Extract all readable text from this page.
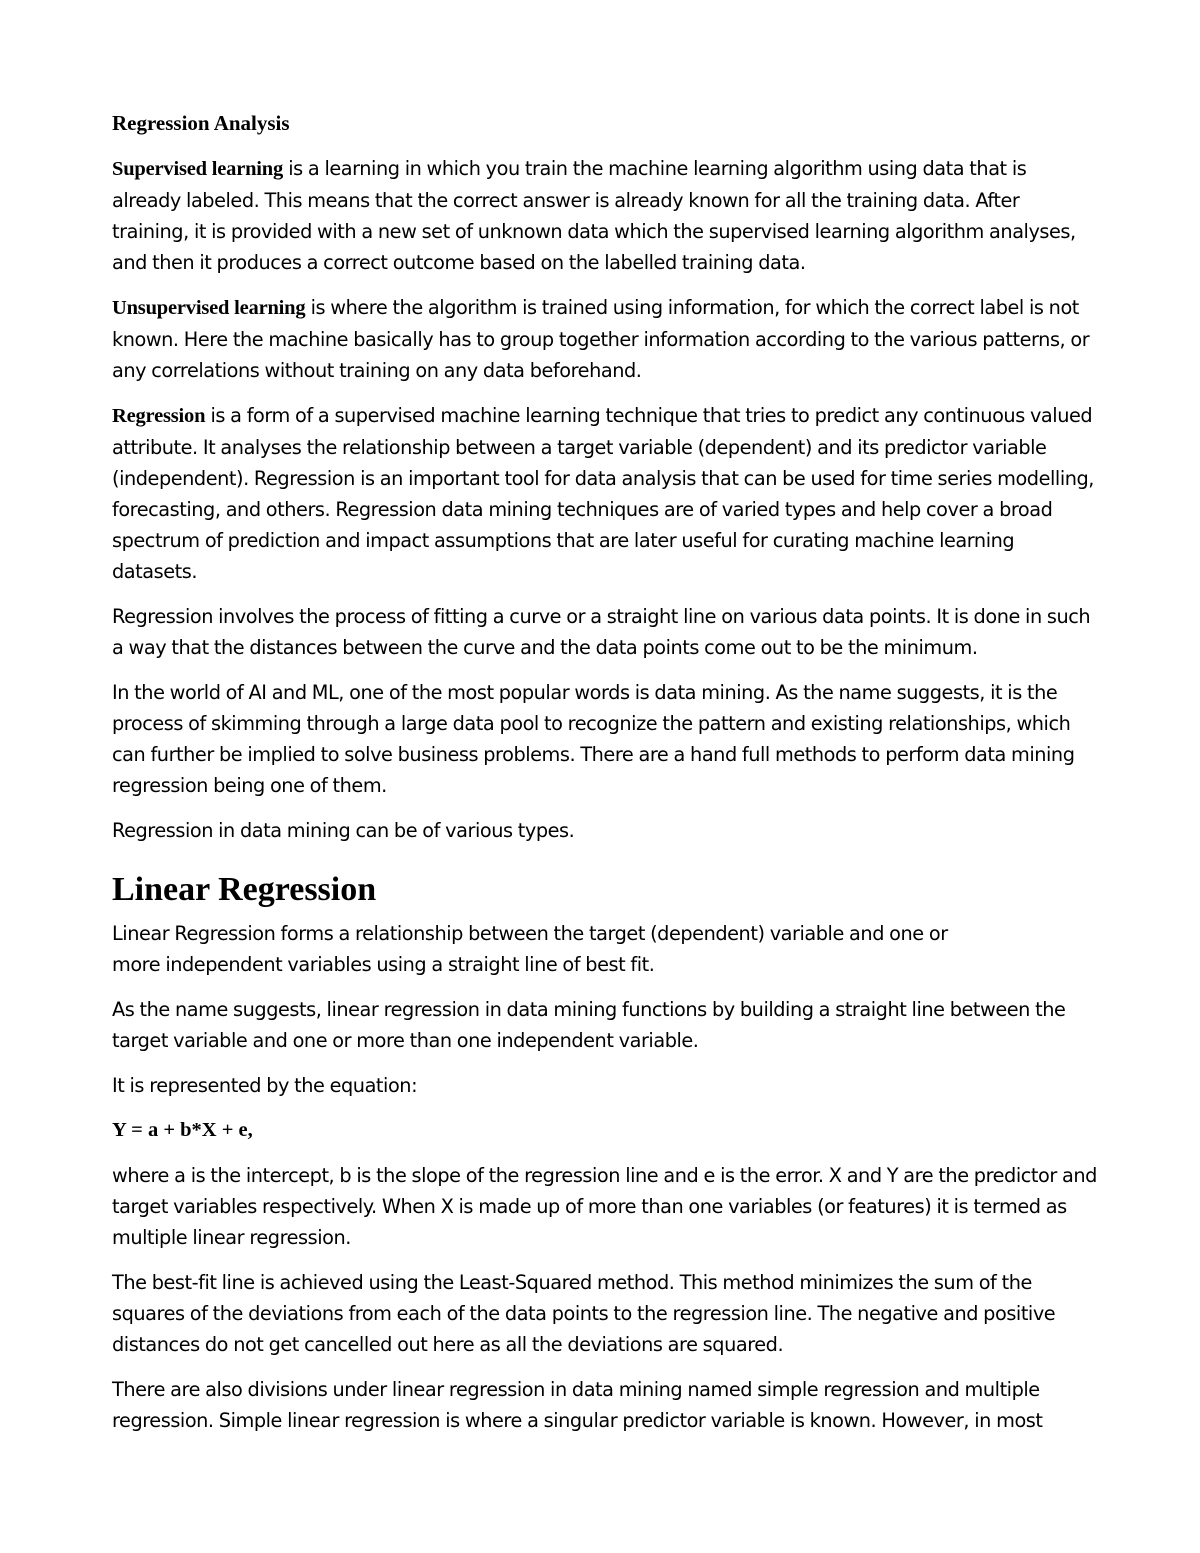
Regression Analysis

Supervised learning is a learning in which you train the machine learning algorithm using data that is already labeled. This means that the correct answer is already known for all the training data. After training, it is provided with a new set of unknown data which the supervised learning algorithm analyses, and then it produces a correct outcome based on the labelled training data.

Unsupervised learning is where the algorithm is trained using information, for which the correct label is not known. Here the machine basically has to group together information according to the various patterns, or any correlations without training on any data beforehand.

Regression is a form of a supervised machine learning technique that tries to predict any continuous valued attribute. It analyses the relationship between a target variable (dependent) and its predictor variable (independent). Regression is an important tool for data analysis that can be used for time series modelling, forecasting, and others. Regression data mining techniques are of varied types and help cover a broad spectrum of prediction and impact assumptions that are later useful for curating machine learning datasets.

Regression involves the process of fitting a curve or a straight line on various data points. It is done in such a way that the distances between the curve and the data points come out to be the minimum.

In the world of AI and ML, one of the most popular words is data mining. As the name suggests, it is the process of skimming through a large data pool to recognize the pattern and existing relationships, which can further be implied to solve business problems. There are a hand full methods to perform data mining regression being one of them.

Regression in data mining can be of various types.

Linear Regression

Linear Regression forms a relationship between the target (dependent) variable and one or
more independent variables using a straight line of best fit.

As the name suggests, linear regression in data mining functions by building a straight line between the target variable and one or more than one independent variable.

It is represented by the equation:

Y = a + b*X + e,

where a is the intercept, b is the slope of the regression line and e is the error. X and Y are the predictor and target variables respectively. When X is made up of more than one variables (or features) it is termed as multiple linear regression.

The best-fit line is achieved using the Least-Squared method. This method minimizes the sum of the squares of the deviations from each of the data points to the regression line. The negative and positive distances do not get cancelled out here as all the deviations are squared.

There are also divisions under linear regression in data mining named simple regression and multiple regression. Simple linear regression is where a singular predictor variable is known. However, in most
